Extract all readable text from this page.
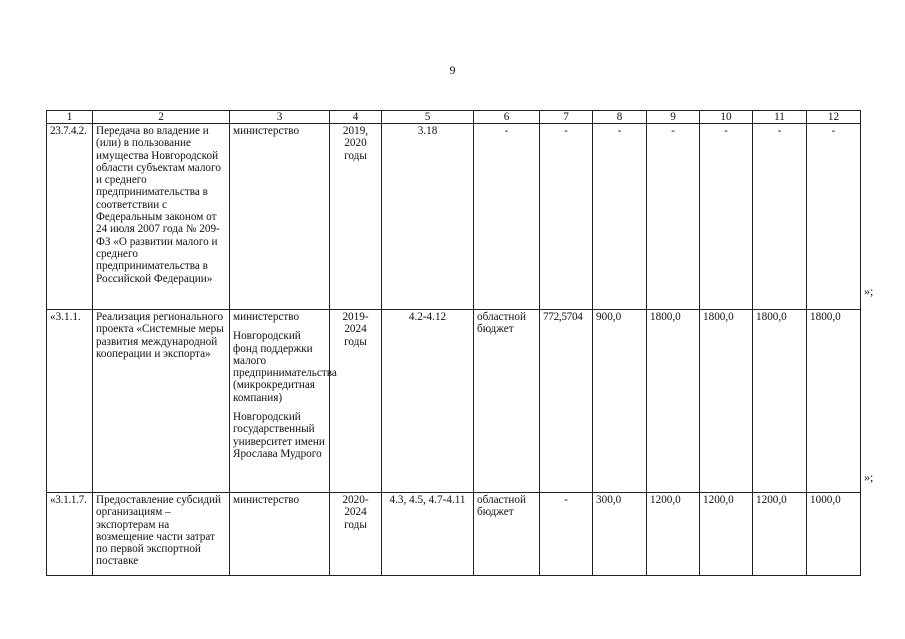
9
1	2	3	4	5	6	7	8	9	10	11	12
23.7.4.2.	Передача во владение и (или) в пользование имущества Новгородской области субъектам малого и среднего предпринимательства в соответствии с Федеральным законом от 24 июля 2007 года № 209-ФЗ «О развитии малого и среднего предпринимательства в Российской Федерации»	министерство	2019, 2020 годы	3.18	-	-	-	-	-	-	-
«3.1.1.	Реализация регионального проекта «Системные меры развития международной кооперации и экспорта»	министерство
Новгородский фонд поддержки малого предпринимательства (микрокредитная компания)
Новгородский государственный университет имени Ярослава Мудрого	2019-2024 годы	4.2-4.12	областной бюджет	772,5704	900,0	1800,0	1800,0	1800,0	1800,0
«3.1.1.7.	Предоставление субсидий организациям – экспортерам на возмещение части затрат по первой экспортной поставке	министерство	2020-2024 годы	4.3, 4.5, 4.7-4.11	областной бюджет	-	300,0	1200,0	1200,0	1200,0	1000,0
»;
»;
